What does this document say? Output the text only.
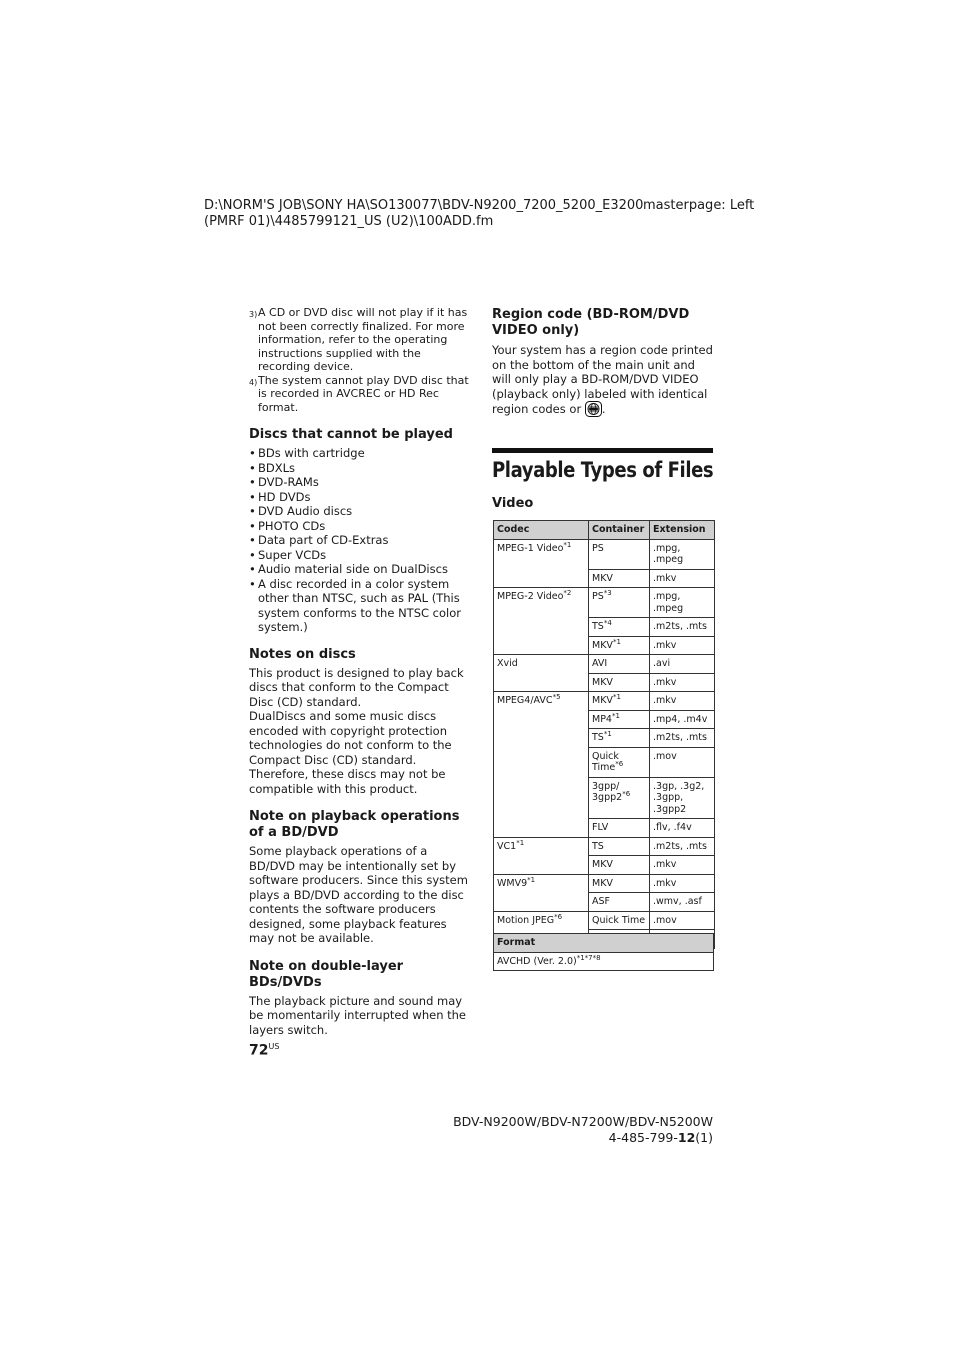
D:\NORM'S JOB\SONY HA\SO130077\BDV-N9200_7200_5200_E3200
(PMRF 01)\4485799121_US (U2)\100ADD.fm
masterpage: Left
3) A CD or DVD disc will not play if it has not been correctly finalized. For more information, refer to the operating instructions supplied with the recording device.
4) The system cannot play DVD disc that is recorded in AVCREC or HD Rec format.
Discs that cannot be played
• BDs with cartridge
• BDXLs
• DVD-RAMs
• HD DVDs
• DVD Audio discs
• PHOTO CDs
• Data part of CD-Extras
• Super VCDs
• Audio material side on DualDiscs
• A disc recorded in a color system other than NTSC, such as PAL (This system conforms to the NTSC color system.)
Notes on discs
This product is designed to play back discs that conform to the Compact Disc (CD) standard.
DualDiscs and some music discs encoded with copyright protection technologies do not conform to the Compact Disc (CD) standard. Therefore, these discs may not be compatible with this product.
Note on playback operations of a BD/DVD
Some playback operations of a BD/DVD may be intentionally set by software producers. Since this system plays a BD/DVD according to the disc contents the software producers designed, some playback features may not be available.
Note on double-layer BDs/DVDs
The playback picture and sound may be momentarily interrupted when the layers switch.
Region code (BD-ROM/DVD VIDEO only)
Your system has a region code printed on the bottom of the main unit and will only play a BD-ROM/DVD VIDEO (playback only) labeled with identical region codes or .
Playable Types of Files
Video
Codec	Container	Extension
MPEG-1 Video$^{*1}$	PS	.mpg, .mpeg
	MKV	.mkv
MPEG-2 Video$^{*2}$	PS$^{*3}$	.mpg, .mpeg
	TS$^{*4}$	.m2ts, .mts
	MKV$^{*1}$	.mkv
Xvid	AVI	.avi
	MKV	.mkv
MPEG4/AVC$^{*5}$	MKV$^{*1}$	.mkv
	MP4$^{*1}$	.mp4, .m4v
	TS$^{*1}$	.m2ts, .mts
	Quick Time$^{*6}$	.mov
	3gpp/ 3gpp2$^{*6}$	.3gp, .3g2, .3gpp, .3gpp2
	FLV	.flv, .f4v
VC1$^{*1}$	TS	.m2ts, .mts
	MKV	.mkv
WMV9$^{*1}$	MKV	.mkv
	ASF	.wmv, .asf
Motion JPEG$^{*6}$	Quick Time	.mov

Format
AVCHD (Ver. 2.0)$^{*1*7*8}$
$72^{US}$
BDV-N9200W/BDV-N7200W/BDV-N5200W
4-485-799-12(1)
